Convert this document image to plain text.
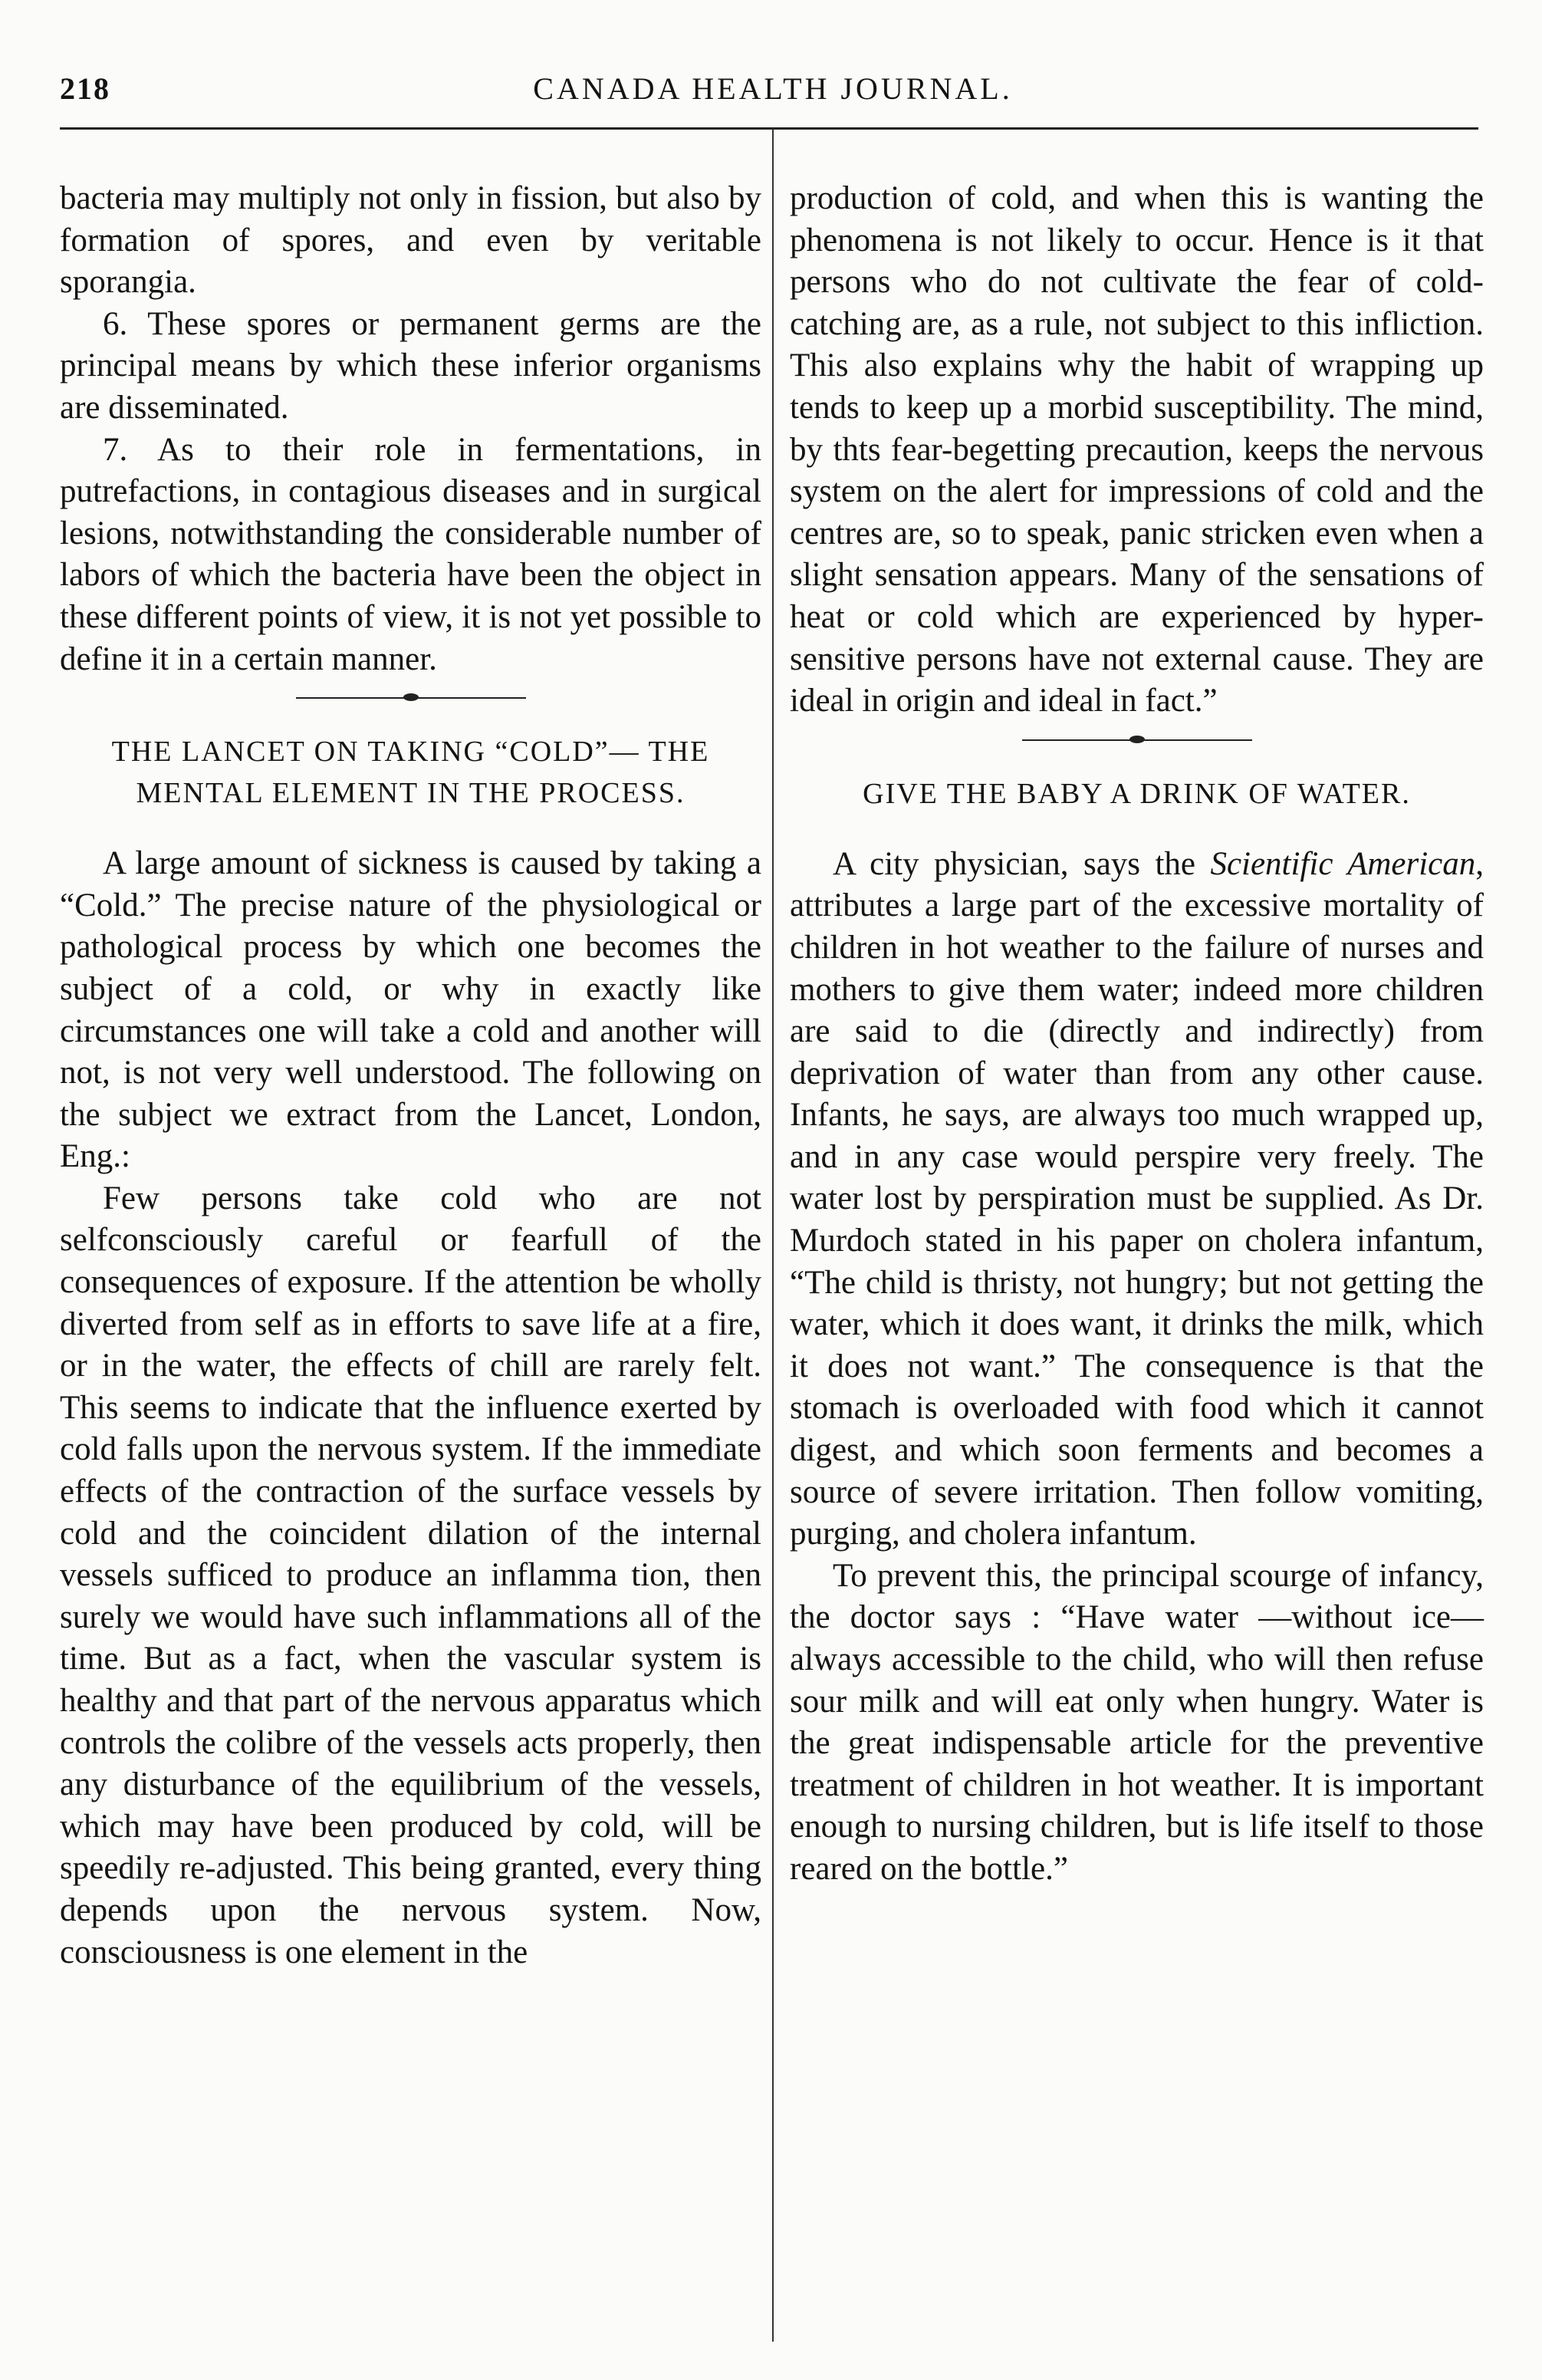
218	CANADA HEALTH JOURNAL.

bacteria may multiply not only in fission, but also by formation of spores, and even by veritable sporangia.

6. These spores or permanent germs are the principal means by which these inferior organisms are disseminated.

7. As to their role in fermentations, in putrefactions, in contagious diseases and in surgical lesions, notwithstanding the considerable number of labors of which the bacteria have been the object in these different points of view, it is not yet possible to define it in a certain manner.

THE LANCET ON TAKING “COLD”— THE MENTAL ELEMENT IN THE PROCESS.

A large amount of sickness is caused by taking a “Cold.” The precise nature of the physiological or pathological process by which one becomes the subject of a cold, or why in exactly like circumstances one will take a cold and another will not, is not very well understood. The following on the subject we extract from the Lancet, London, Eng.:

Few persons take cold who are not selfconsciously careful or fearfull of the consequences of exposure. If the attention be wholly diverted from self as in efforts to save life at a fire, or in the water, the effects of chill are rarely felt. This seems to indicate that the influence exerted by cold falls upon the nervous system. If the immediate effects of the contraction of the surface vessels by cold and the coincident dilation of the internal vessels sufficed to produce an inflamma tion, then surely we would have such inflammations all of the time. But as a fact, when the vascular system is healthy and that part of the nervous apparatus which controls the colibre of the vessels acts properly, then any disturbance of the equilibrium of the vessels, which may have been produced by cold, will be speedily re-adjusted. This being granted, every thing depends upon the nervous system. Now, consciousness is one element in the

production of cold, and when this is wanting the phenomena is not likely to occur. Hence is it that persons who do not cultivate the fear of cold-catching are, as a rule, not subject to this infliction. This also explains why the habit of wrapping up tends to keep up a morbid susceptibility. The mind, by thts fear-begetting precaution, keeps the nervous system on the alert for impressions of cold and the centres are, so to speak, panic stricken even when a slight sensation appears. Many of the sensations of heat or cold which are experienced by hyper-sensitive persons have not external cause. They are ideal in origin and ideal in fact.”

GIVE THE BABY A DRINK OF WATER.

A city physician, says the Scientific American, attributes a large part of the excessive mortality of children in hot weather to the failure of nurses and mothers to give them water; indeed more children are said to die (directly and indirectly) from deprivation of water than from any other cause. Infants, he says, are always too much wrapped up, and in any case would perspire very freely. The water lost by perspiration must be supplied. As Dr. Murdoch stated in his paper on cholera infantum, “The child is thristy, not hungry; but not getting the water, which it does want, it drinks the milk, which it does not want.” The consequence is that the stomach is overloaded with food which it cannot digest, and which soon ferments and becomes a source of severe irritation. Then follow vomiting, purging, and cholera infantum.

To prevent this, the principal scourge of infancy, the doctor says : “Have water —without ice—always accessible to the child, who will then refuse sour milk and will eat only when hungry. Water is the great indispensable article for the preventive treatment of children in hot weather. It is important enough to nursing children, but is life itself to those reared on the bottle.”
